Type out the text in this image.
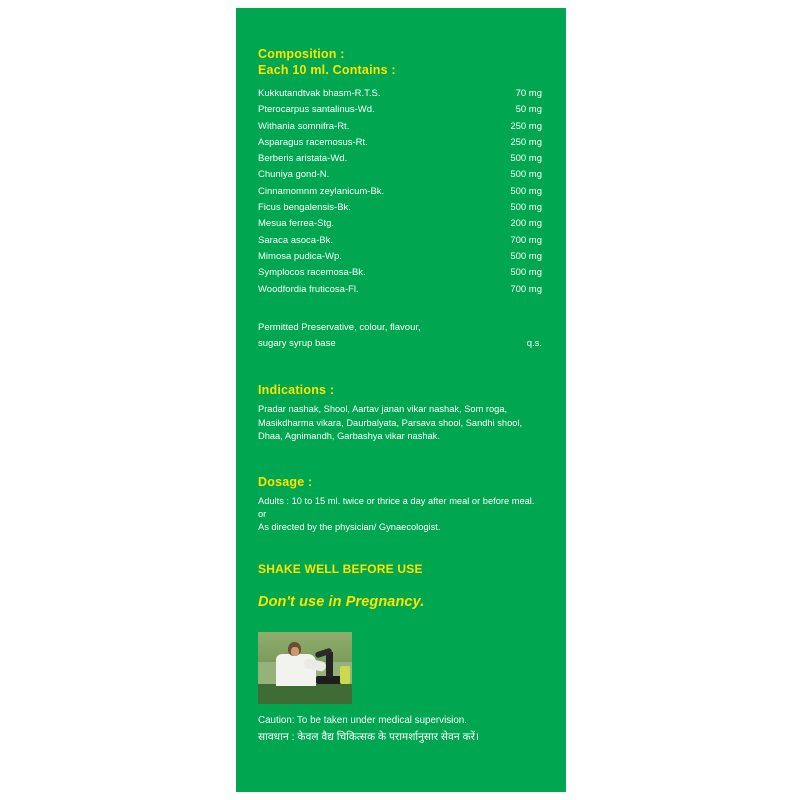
Composition :
Each 10 ml. Contains :
Kukkutandtvak bhasm-R.T.S.	70 mg
Pterocarpus santalinus-Wd.	50 mg
Withania somnifra-Rt.	250 mg
Asparagus racemosus-Rt.	250 mg
Berberis aristata-Wd.	500 mg
Chuniya gond-N.	500 mg
Cinnamomnm zeylanicum-Bk.	500 mg
Ficus bengalensis-Bk.	500 mg
Mesua ferrea-Stg.	200 mg
Saraca asoca-Bk.	700 mg
Mimosa pudica-Wp.	500 mg
Symplocos racemosa-Bk.	500 mg
Woodfordia fruticosa-Fl.	700 mg
Permitted Preservative, colour, flavour,
sugary syrup base	q.s.
Indications :
Pradar nashak, Shool, Aartav janan vikar nashak, Som roga, Masikdharma vikara, Daurbalyata, Parsava shool, Sandhi shool, Dhaa, Agnimandh, Garbashya vikar nashak.
Dosage :
Adults : 10 to 15 ml. twice or thrice a day after meal or before meal.
or
As directed by the physician/ Gynaecologist.
SHAKE WELL BEFORE USE
Don't use in Pregnancy.
Caution: To be taken under medical supervision.
सावधान : केवल वैद्य चिकित्सक के परामर्शानुसार सेवन करें।
